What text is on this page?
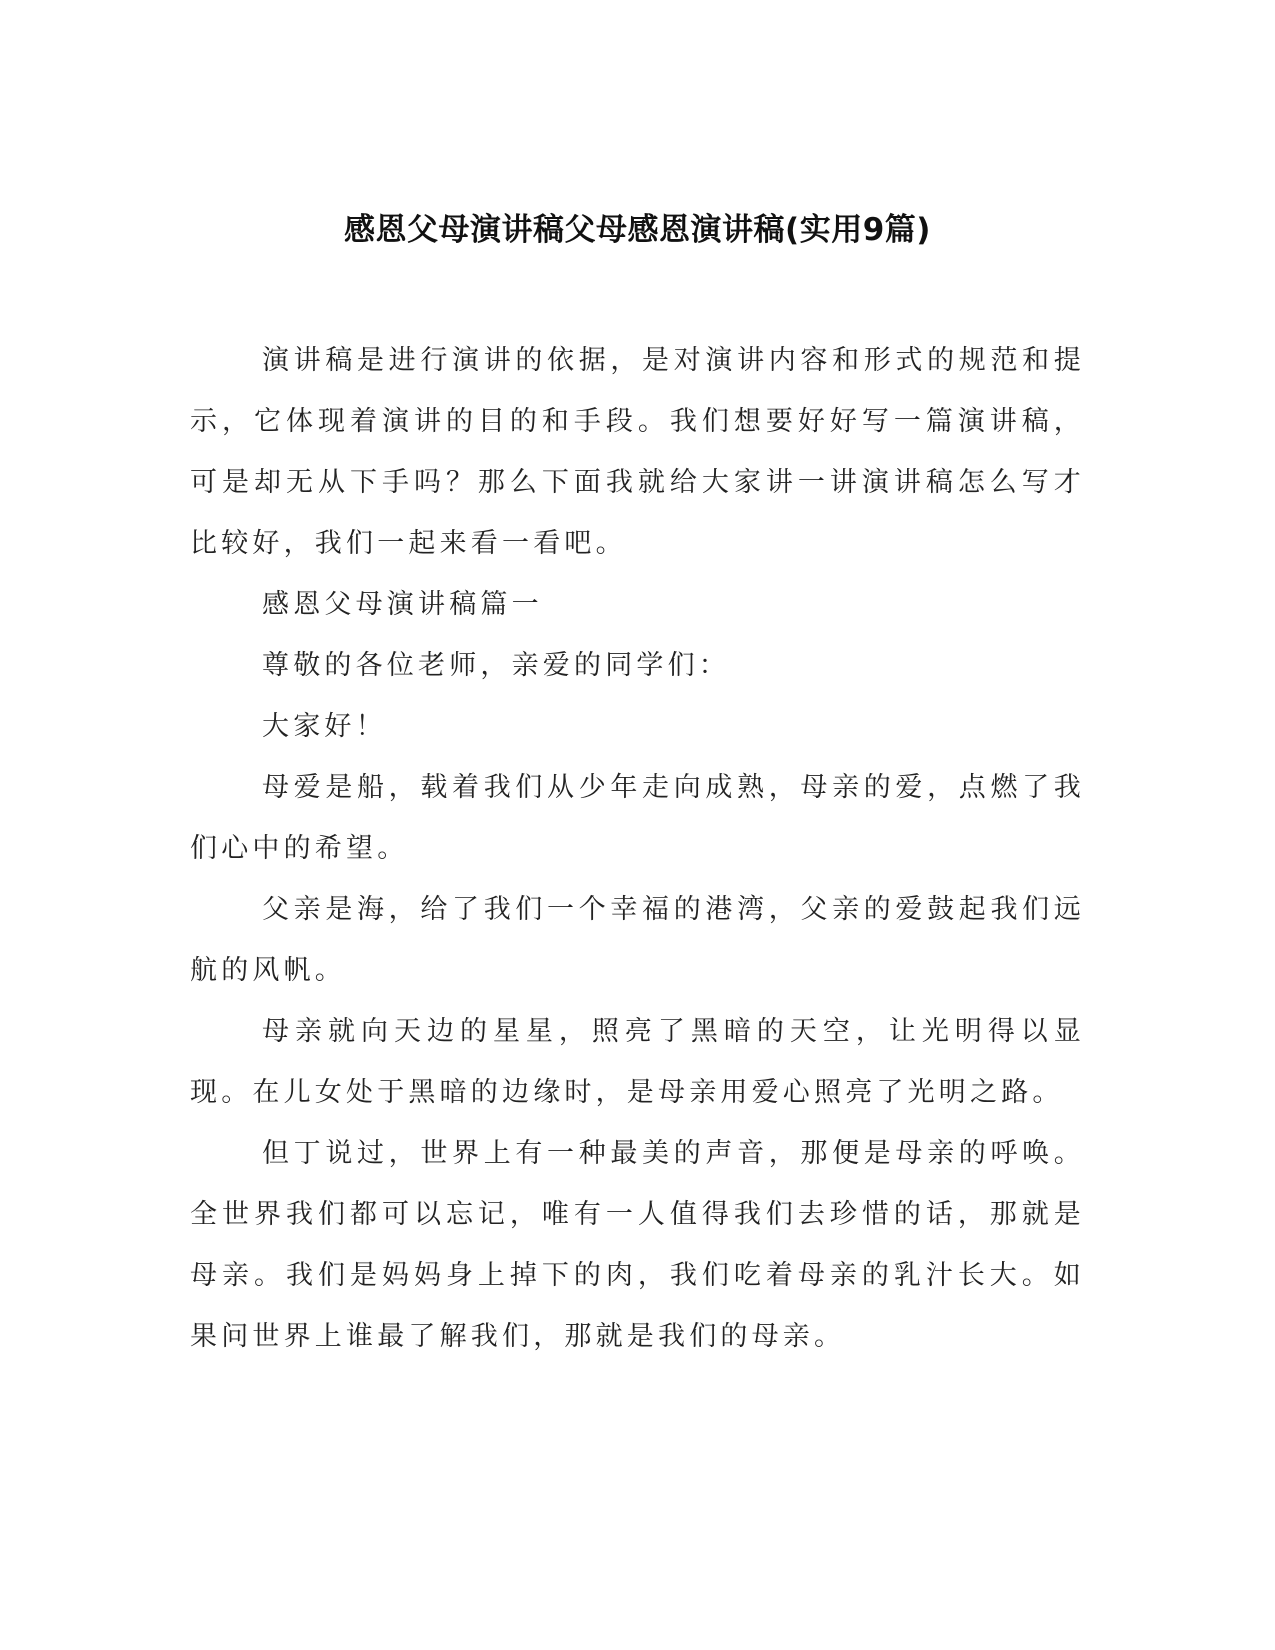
感恩父母演讲稿父母感恩演讲稿(实用9篇)

演讲稿是进行演讲的依据，是对演讲内容和形式的规范和提示，它体现着演讲的目的和手段。我们想要好好写一篇演讲稿，可是却无从下手吗？那么下面我就给大家讲一讲演讲稿怎么写才比较好，我们一起来看一看吧。

感恩父母演讲稿篇一

尊敬的各位老师，亲爱的同学们：

大家好！

母爱是船，载着我们从少年走向成熟，母亲的爱，点燃了我们心中的希望。

父亲是海，给了我们一个幸福的港湾，父亲的爱鼓起我们远航的风帆。

母亲就向天边的星星，照亮了黑暗的天空，让光明得以显现。在儿女处于黑暗的边缘时，是母亲用爱心照亮了光明之路。

但丁说过，世界上有一种最美的声音，那便是母亲的呼唤。全世界我们都可以忘记，唯有一人值得我们去珍惜的话，那就是母亲。我们是妈妈身上掉下的肉，我们吃着母亲的乳汁长大。如果问世界上谁最了解我们，那就是我们的母亲。
